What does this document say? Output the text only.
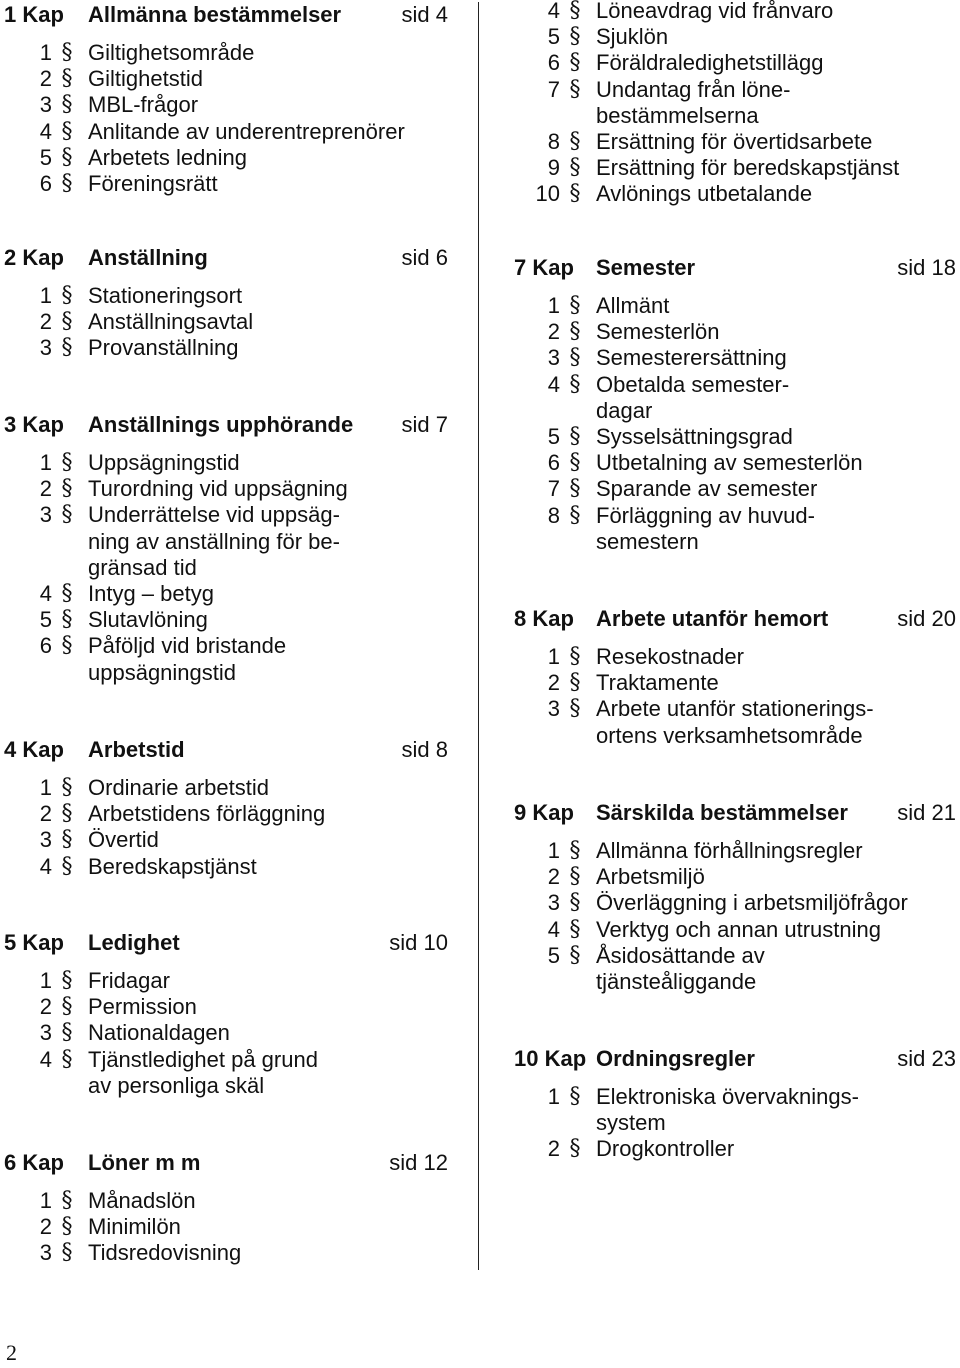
1 Kap Allmänna bestämmelser	sid 4
1 § Giltighetsområde
2 § Giltighetstid
3 § MBL-frågor
4 § Anlitande av underentreprenörer
5 § Arbetets ledning
6 § Föreningsrätt
2 Kap Anställning	sid 6
1 § Stationeringsort
2 § Anställningsavtal
3 § Provanställning
3 Kap Anställnings upphörande sid 7
1 § Uppsägningstid
2 § Turordning vid uppsägning
3 § Underrättelse vid uppsäg-
ning av anställning för be-
gränsad tid
4 § Intyg – betyg
5 § Slutavlöning
6 § Påföljd vid bristande
uppsägningstid
4 Kap Arbetstid	sid 8
1 § Ordinarie arbetstid
2 § Arbetstidens förläggning
3 § Övertid
4 § Beredskapstjänst
5 Kap Ledighet	sid 10
1 § Fridagar
2 § Permission
3 § Nationaldagen
4 § Tjänstledighet på grund
av personliga skäl
6 Kap Löner m m	sid 12
1 § Månadslön
2 § Minimilön
3 § Tidsredovisning
4 § Löneavdrag vid frånvaro
5 § Sjuklön
6 § Föräldraledighetstillägg
7 § Undantag från löne-
bestämmelserna
8 § Ersättning för övertidsarbete
9 § Ersättning för beredskapstjänst
10 § Avlönings utbetalande
7 Kap Semester	sid 18
1 § Allmänt
2 § Semesterlön
3 § Semesterersättning
4 § Obetalda semester-
dagar
5 § Sysselsättningsgrad
6 § Utbetalning av semesterlön
7 § Sparande av semester
8 § Förläggning av huvud-
semestern
8 Kap Arbete utanför hemort	sid 20
1 § Resekostnader
2 § Traktamente
3 § Arbete utanför stationerings-
ortens verksamhetsområde
9 Kap Särskilda bestämmelser sid 21
1 § Allmänna förhållningsregler
2 § Arbetsmiljö
3 § Överläggning i arbetsmiljöfrågor
4 § Verktyg och annan utrustning
5 § Åsidosättande av
tjänsteåliggande
10 Kap Ordningsregler	sid 23
1 § Elektroniska övervaknings-
system
2 § Drogkontroller
2
